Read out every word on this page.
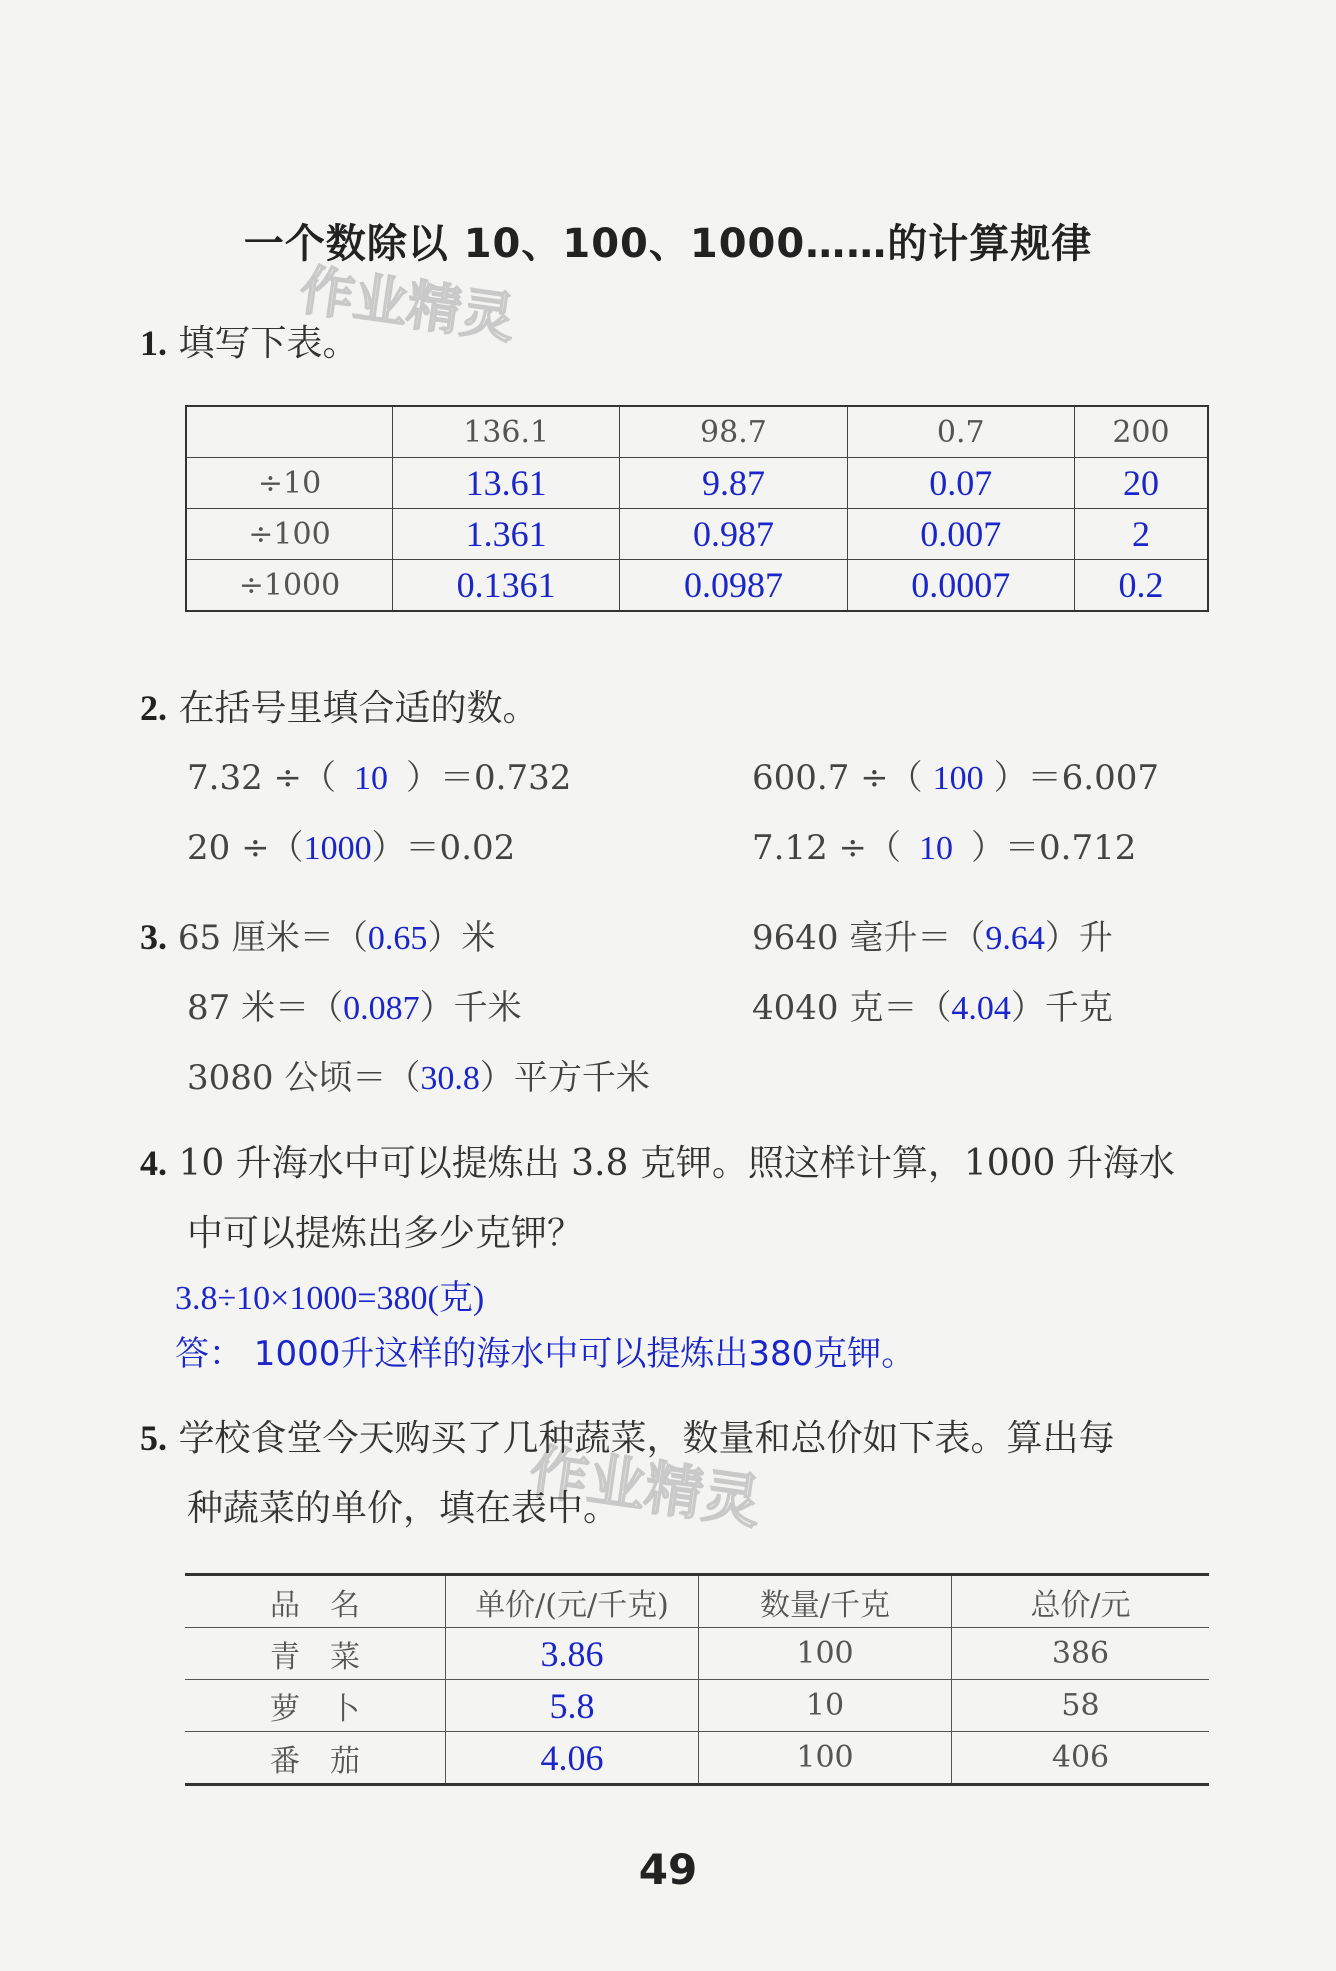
一个数除以 10、100、1000……的计算规律
作业精灵
作业精灵
1. 填写下表。
	136.1	98.7	0.7	200
÷10	13.61	9.87	0.07	20
÷100	1.361	0.987	0.007	2
÷1000	0.1361	0.0987	0.0007	0.2
2. 在括号里填合适的数。
7.32 ÷（ 10 ）＝0.732	600.7 ÷（ 100 ）＝6.007
20 ÷（1000）＝0.02	7.12 ÷（ 10 ）＝0.712
3. 65 厘米＝（0.65）米	9640 毫升＝（9.64）升
87 米＝（0.087）千米	4040 克＝（4.04）千克
3080 公顷＝（30.8）平方千米
4. 10 升海水中可以提炼出 3.8 克钾。照这样计算，1000 升海水
中可以提炼出多少克钾？
3.8÷10×1000=380(克)
答： 1000升这样的海水中可以提炼出380克钾。
5. 学校食堂今天购买了几种蔬菜，数量和总价如下表。算出每
种蔬菜的单价，填在表中。
品　名	单价/(元/千克)	数量/千克	总价/元
青　菜	3.86	100	386
萝　卜	5.8	10	58
番　茄	4.06	100	406
49
